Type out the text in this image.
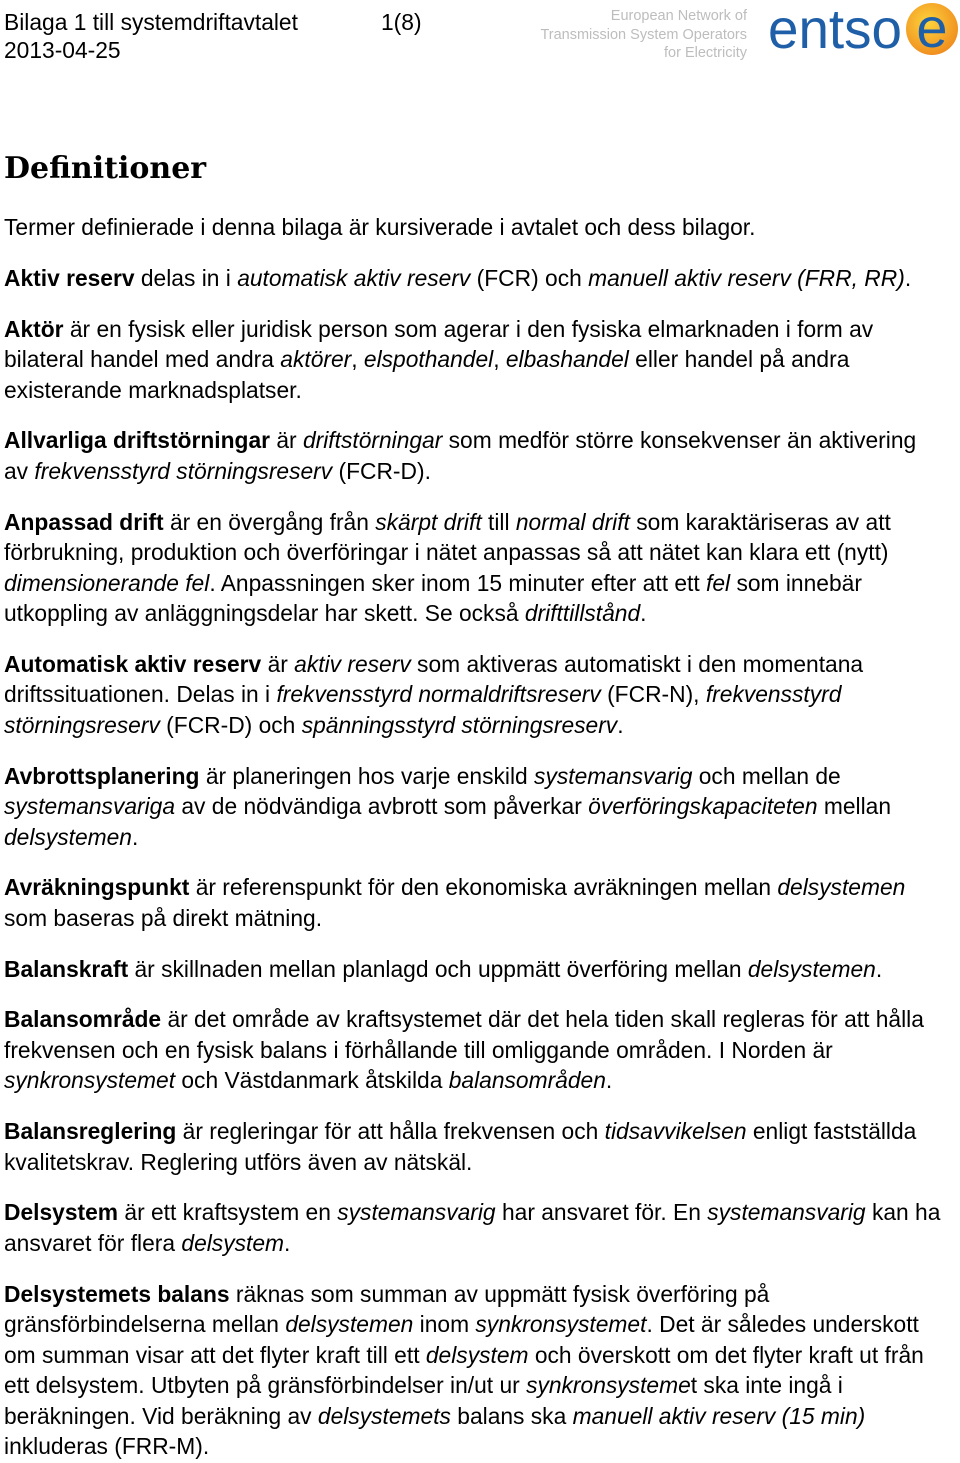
Bilaga 1 till systemdriftavtalet	1(8)
2013-04-25
European Network of
Transmission System Operators
for Electricity entso e
Definitioner

Termer definierade i denna bilaga är kursiverade i avtalet och dess bilagor.

Aktiv reserv delas in i automatisk aktiv reserv (FCR) och manuell aktiv reserv (FRR, RR).

Aktör är en fysisk eller juridisk person som agerar i den fysiska elmarknaden i form av
bilateral handel med andra aktörer, elspothandel, elbashandel eller handel på andra
existerande marknadsplatser.

Allvarliga driftstörningar är driftstörningar som medför större konsekvenser än aktivering
av frekvensstyrd störningsreserv (FCR-D).

Anpassad drift är en övergång från skärpt drift till normal drift som karaktäriseras av att
förbrukning, produktion och överföringar i nätet anpassas så att nätet kan klara ett (nytt)
dimensionerande fel. Anpassningen sker inom 15 minuter efter att ett fel som innebär
utkoppling av anläggningsdelar har skett. Se också drifttillstånd.

Automatisk aktiv reserv är aktiv reserv som aktiveras automatiskt i den momentana
driftssituationen. Delas in i frekvensstyrd normaldriftsreserv (FCR-N), frekvensstyrd
störningsreserv (FCR-D) och spänningsstyrd störningsreserv.

Avbrottsplanering är planeringen hos varje enskild systemansvarig och mellan de
systemansvariga av de nödvändiga avbrott som påverkar överföringskapaciteten mellan
delsystemen.

Avräkningspunkt är referenspunkt för den ekonomiska avräkningen mellan delsystemen
som baseras på direkt mätning.

Balanskraft är skillnaden mellan planlagd och uppmätt överföring mellan delsystemen.

Balansområde är det område av kraftsystemet där det hela tiden skall regleras för att hålla
frekvensen och en fysisk balans i förhållande till omliggande områden. I Norden är
synkronsystemet och Västdanmark åtskilda balansområden.

Balansreglering är regleringar för att hålla frekvensen och tidsavvikelsen enligt fastställda
kvalitetskrav. Reglering utförs även av nätskäl.

Delsystem är ett kraftsystem en systemansvarig har ansvaret för. En systemansvarig kan ha
ansvaret för flera delsystem.

Delsystemets balans räknas som summan av uppmätt fysisk överföring på
gränsförbindelserna mellan delsystemen inom synkronsystemet. Det är således underskott
om summan visar att det flyter kraft till ett delsystem och överskott om det flyter kraft ut från
ett delsystem. Utbyten på gränsförbindelser in/ut ur synkronsystemet ska inte ingå i
beräkningen. Vid beräkning av delsystemets balans ska manuell aktiv reserv (15 min)
inkluderas (FRR-M).
